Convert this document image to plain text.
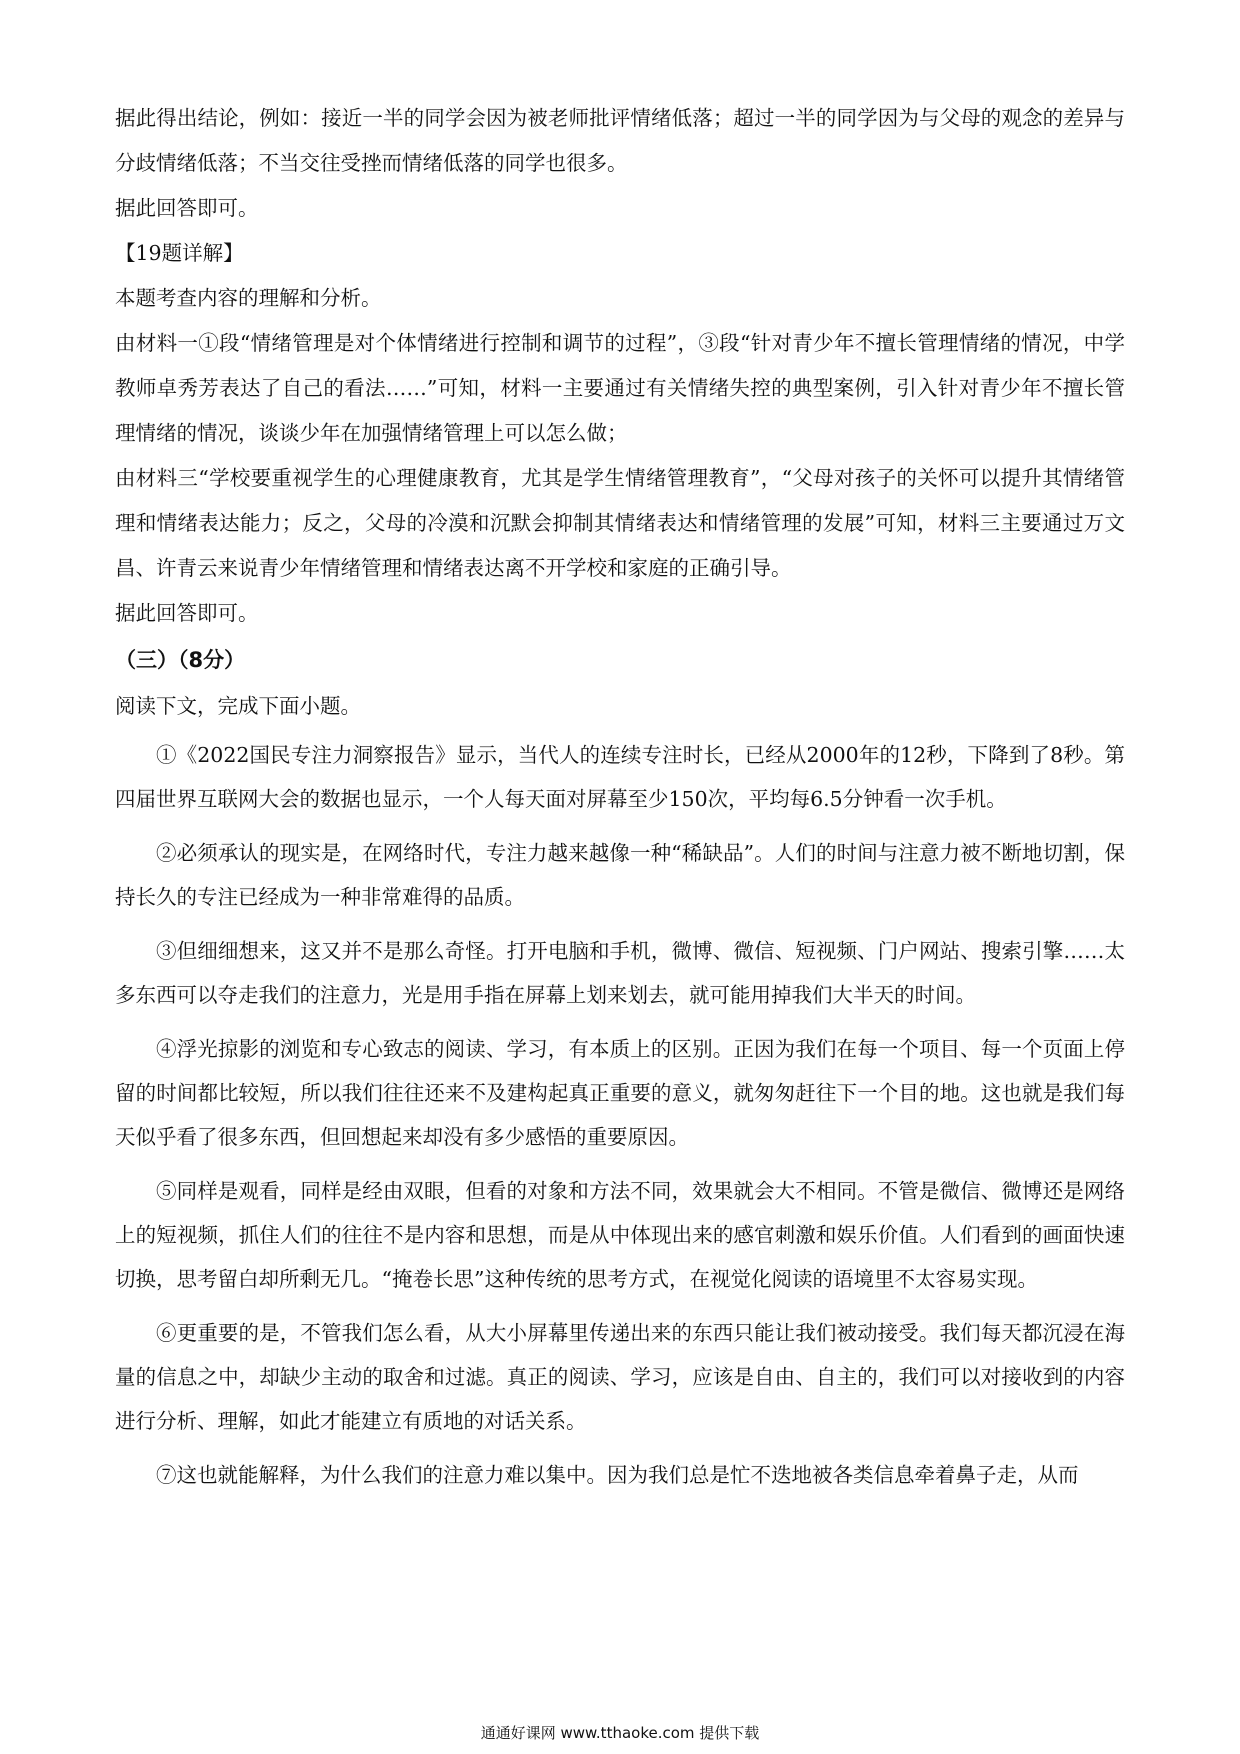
据此得出结论，例如：接近一半的同学会因为被老师批评情绪低落；超过一半的同学因为与父母的观念的差异与分歧情绪低落；不当交往受挫而情绪低落的同学也很多。

据此回答即可。

【19题详解】

本题考查内容的理解和分析。

由材料一①段“情绪管理是对个体情绪进行控制和调节的过程”，③段“针对青少年不擅长管理情绪的情况，中学教师卓秀芳表达了自己的看法……”可知，材料一主要通过有关情绪失控的典型案例，引入针对青少年不擅长管理情绪的情况，谈谈少年在加强情绪管理上可以怎么做；

由材料三“学校要重视学生的心理健康教育，尤其是学生情绪管理教育”，“父母对孩子的关怀可以提升其情绪管理和情绪表达能力；反之，父母的冷漠和沉默会抑制其情绪表达和情绪管理的发展”可知，材料三主要通过万文昌、许青云来说青少年情绪管理和情绪表达离不开学校和家庭的正确引导。

据此回答即可。

（三）（8分）

阅读下文，完成下面小题。

①《2022国民专注力洞察报告》显示，当代人的连续专注时长，已经从2000年的12秒，下降到了8秒。第四届世界互联网大会的数据也显示，一个人每天面对屏幕至少150次，平均每6.5分钟看一次手机。

②必须承认的现实是，在网络时代，专注力越来越像一种“稀缺品”。人们的时间与注意力被不断地切割，保持长久的专注已经成为一种非常难得的品质。

③但细细想来，这又并不是那么奇怪。打开电脑和手机，微博、微信、短视频、门户网站、搜索引擎……太多东西可以夺走我们的注意力，光是用手指在屏幕上划来划去，就可能用掉我们大半天的时间。

④浮光掠影的浏览和专心致志的阅读、学习，有本质上的区别。正因为我们在每一个项目、每一个页面上停留的时间都比较短，所以我们往往还来不及建构起真正重要的意义，就匆匆赶往下一个目的地。这也就是我们每天似乎看了很多东西，但回想起来却没有多少感悟的重要原因。

⑤同样是观看，同样是经由双眼，但看的对象和方法不同，效果就会大不相同。不管是微信、微博还是网络上的短视频，抓住人们的往往不是内容和思想，而是从中体现出来的感官刺激和娱乐价值。人们看到的画面快速切换，思考留白却所剩无几。“掩卷长思”这种传统的思考方式，在视觉化阅读的语境里不太容易实现。

⑥更重要的是，不管我们怎么看，从大小屏幕里传递出来的东西只能让我们被动接受。我们每天都沉浸在海量的信息之中，却缺少主动的取舍和过滤。真正的阅读、学习，应该是自由、自主的，我们可以对接收到的内容进行分析、理解，如此才能建立有质地的对话关系。

⑦这也就能解释，为什么我们的注意力难以集中。因为我们总是忙不迭地被各类信息牵着鼻子走，从而

通通好课网 www.tthaoke.com 提供下载
